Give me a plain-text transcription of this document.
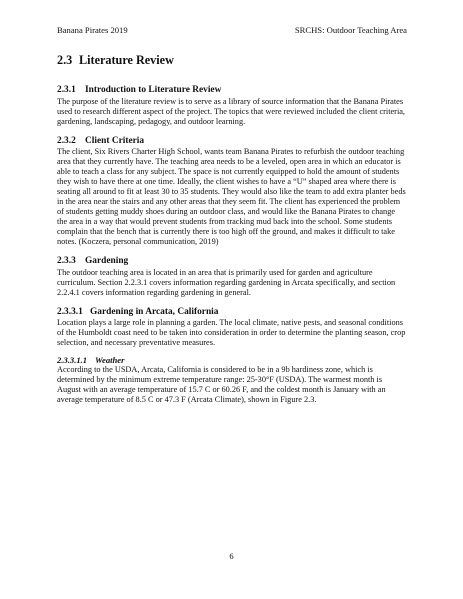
Banana Pirates 2019	SRCHS: Outdoor Teaching Area
2.3 Literature Review
2.3.1 Introduction to Literature Review

The purpose of the literature review is to serve as a library of source information that the Banana Pirates used to research different aspect of the project. The topics that were reviewed included the client criteria, gardening, landscaping, pedagogy, and outdoor learning.

2.3.2 Client Criteria

The client, Six Rivers Charter High School, wants team Banana Pirates to refurbish the outdoor teaching area that they currently have. The teaching area needs to be a leveled, open area in which an educator is able to teach a class for any subject. The space is not currently equipped to hold the amount of students they wish to have there at one time. Ideally, the client wishes to have a “U” shaped area where there is seating all around to fit at least 30 to 35 students. They would also like the team to add extra planter beds in the area near the stairs and any other areas that they seem fit. The client has experienced the problem of students getting muddy shoes during an outdoor class, and would like the Banana Pirates to change the area in a way that would prevent students from tracking mud back into the school. Some students complain that the bench that is currently there is too high off the ground, and makes it difficult to take notes. (Koczera, personal communication, 2019)

2.3.3 Gardening

The outdoor teaching area is located in an area that is primarily used for garden and agriculture curriculum. Section 2.2.3.1 covers information regarding gardening in Arcata specifically, and section 2.2.4.1 covers information regarding gardening in general.

2.3.3.1 Gardening in Arcata, California

Location plays a large role in planning a garden. The local climate, native pests, and seasonal conditions of the Humboldt coast need to be taken into consideration in order to determine the planting season, crop selection, and necessary preventative measures.

2.3.3.1.1 Weather

According to the USDA, Arcata, California is considered to be in a 9b hardiness zone, which is determined by the minimum extreme temperature range: 25-30°F (USDA). The warmest month is August with an average temperature of 15.7 C or 60.26 F, and the coldest month is January with an average temperature of 8.5 C or 47.3 F (Arcata Climate), shown in Figure 2.3.

6
